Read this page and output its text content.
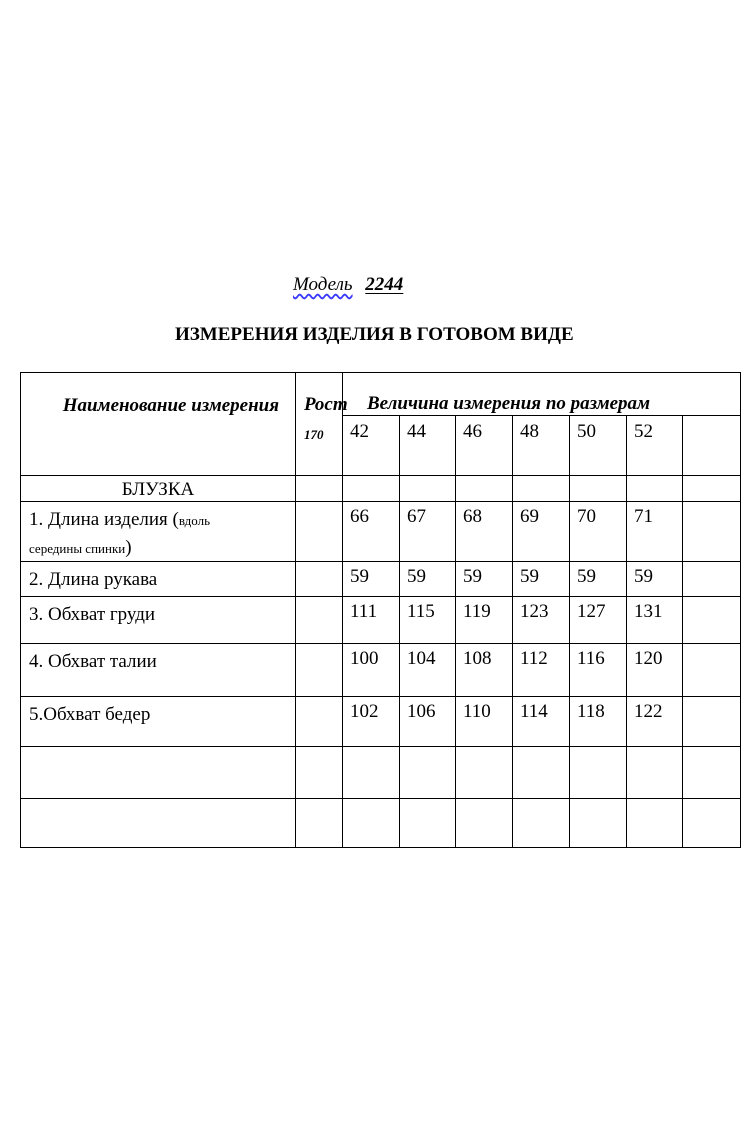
Модель 2244
ИЗМЕРЕНИЯ ИЗДЕЛИЯ В ГОТОВОМ ВИДЕ
Наименование измерения	Рост
170	Величина измерения по размерам						
		42	44	46	48	50	52	
БЛУЗКА								
1. Длина изделия (вдоль
середины спинки)		66	67	68	69	70	71	
2. Длина рукава		59	59	59	59	59	59	
3. Обхват груди		111	115	119	123	127	131	
4. Обхват талии		100	104	108	112	116	120	
5.Обхват бедер		102	106	110	114	118	122	
